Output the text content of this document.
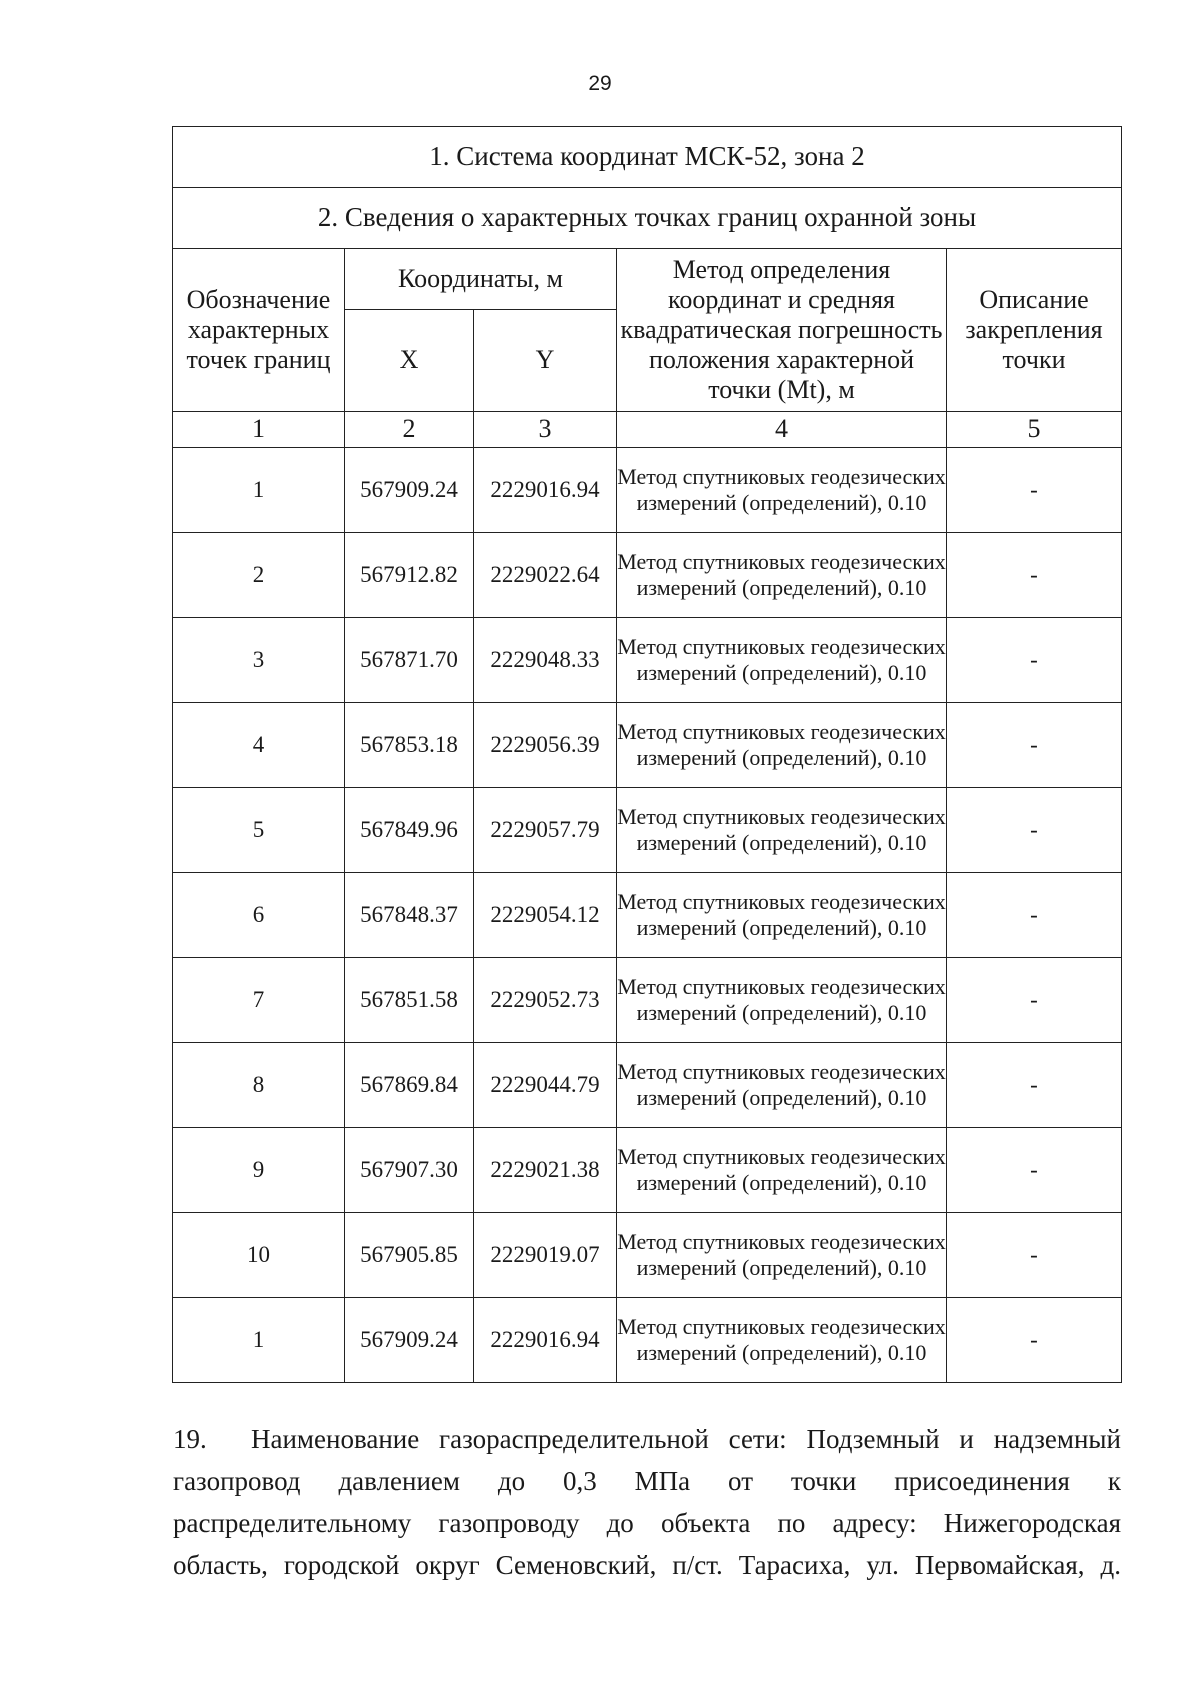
29
1. Система координат МСК-52, зона 2				
2. Сведения о характерных точках границ охранной зоны				
Обозначение характерных точек границ	Координаты, м		Метод определения координат и средняя квадратическая погрешность положения характерной точки (Mt), м	Описание закрепления точки
	X	Y		
1	2	3	4	5
1	567909.24	2229016.94	Метод спутниковых геодезических измерений (определений), 0.10	-
2	567912.82	2229022.64	Метод спутниковых геодезических измерений (определений), 0.10	-
3	567871.70	2229048.33	Метод спутниковых геодезических измерений (определений), 0.10	-
4	567853.18	2229056.39	Метод спутниковых геодезических измерений (определений), 0.10	-
5	567849.96	2229057.79	Метод спутниковых геодезических измерений (определений), 0.10	-
6	567848.37	2229054.12	Метод спутниковых геодезических измерений (определений), 0.10	-
7	567851.58	2229052.73	Метод спутниковых геодезических измерений (определений), 0.10	-
8	567869.84	2229044.79	Метод спутниковых геодезических измерений (определений), 0.10	-
9	567907.30	2229021.38	Метод спутниковых геодезических измерений (определений), 0.10	-
10	567905.85	2229019.07	Метод спутниковых геодезических измерений (определений), 0.10	-
1	567909.24	2229016.94	Метод спутниковых геодезических измерений (определений), 0.10	-
19. Наименование газораспределительной сети: Подземный и надземный
газопровод давлением до 0,3 МПа от точки присоединения к
распределительному газопроводу до объекта по адресу: Нижегородская
область, городской округ Семеновский, п/ст. Тарасиха, ул. Первомайская, д.
